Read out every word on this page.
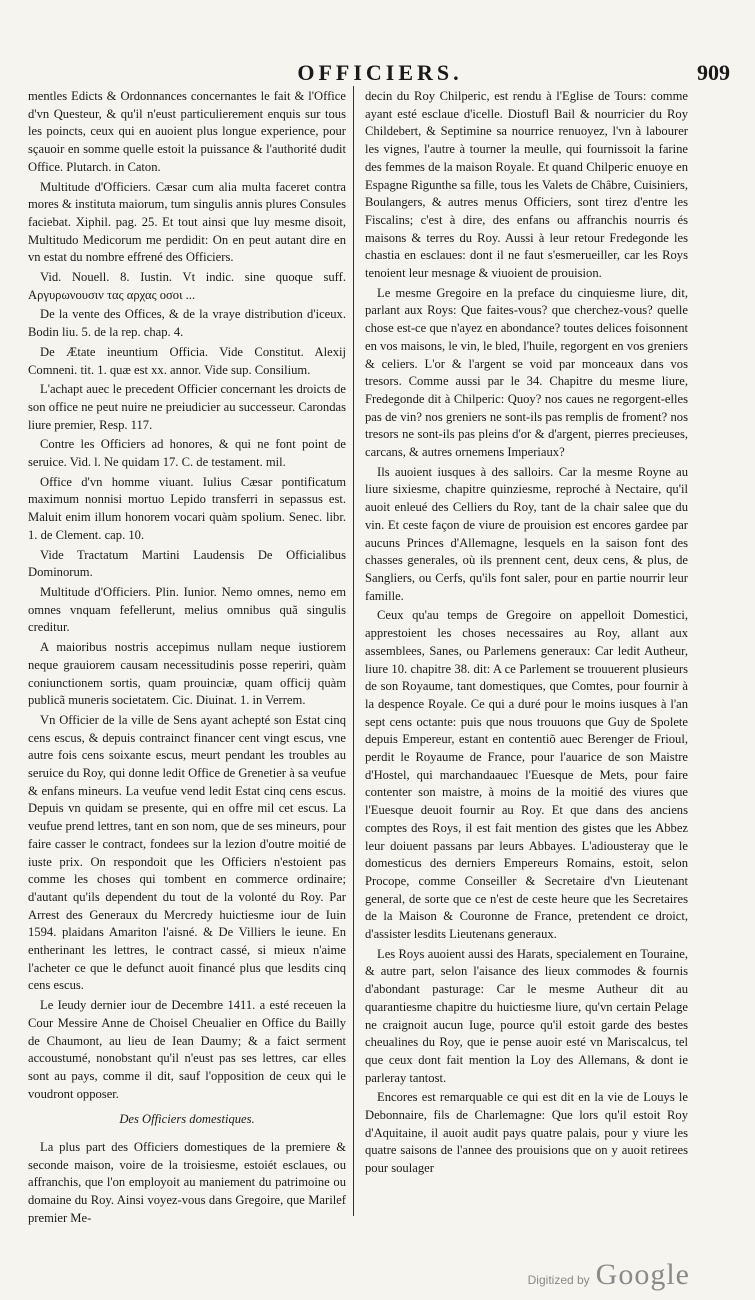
OFFICIERS.	909

mentles Edicts & Ordonnances concernantes le fait & l'Office d'vn Questeur, & qu'il n'eust particulierement enquis sur tous les poincts, ceux qui en auoient plus longue experience, pour sçauoir en somme quelle estoit la puissance & l'authorité dudit Office. Plutarch. in Caton.

Multitude d'Officiers. Cæsar cum alia multa faceret contra mores & instituta maiorum, tum singulis annis plures Consules faciebat. Xiphil. pag. 25. Et tout ainsi que luy mesme disoit, Multitudo Medicorum me perdidit: On en peut autant dire en vn estat du nombre effrené des Officiers.

Vid. Nouell. 8. Iustin. Vt indic. sine quoque suff. Αργυρωνουσιν τας αρχας οσοι ...

De la vente des Offices, & de la vraye distribution d'iceux. Bodin liu. 5. de la rep. chap. 4.

De Ætate ineuntium Officia. Vide Constitut. Alexij Comneni. tit. 1. quæ est xx. annor. Vide sup. Consilium.

L'achapt auec le precedent Officier concernant les droicts de son office ne peut nuire ne preiudicier au successeur. Carondas liure premier, Resp. 117.

Contre les Officiers ad honores, & qui ne font point de seruice. Vid. l. Ne quidam 17. C. de testament. mil.

Office d'vn homme viuant. Iulius Cæsar pontificatum maximum nonnisi mortuo Lepido transferri in sepassus est. Maluit enim illum honorem vocari quàm spolium. Senec. libr. 1. de Clement. cap. 10.

Vide Tractatum Martini Laudensis De Officialibus Dominorum.

Multitude d'Officiers. Plin. Iunior. Nemo omnes, nemo em omnes vnquam fefellerunt, melius omnibus quã singulis creditur.

A maioribus nostris accepimus nullam neque iustiorem neque grauiorem causam necessitudinis posse reperiri, quàm coniunctionem sortis, quam prouinciæ, quam officij quàm publicã muneris societatem. Cic. Diuinat. 1. in Verrem.

Vn Officier de la ville de Sens ayant achepté son Estat cinq cens escus, & depuis contrainct financer cent vingt escus, vne autre fois cens soixante escus, meurt pendant les troubles au seruice du Roy, qui donne ledit Office de Grenetier à sa veufue & enfans mineurs. La veufue vend ledit Estat cinq cens escus. Depuis vn quidam se presente, qui en offre mil cet escus. La veufue prend lettres, tant en son nom, que de ses mineurs, pour faire casser le contract, fondees sur la lezion d'outre moitié de iuste prix. On respondoit que les Officiers n'estoient pas comme les choses qui tombent en commerce ordinaire; d'autant qu'ils dependent du tout de la volonté du Roy. Par Arrest des Generaux du Mercredy huictiesme iour de Iuin 1594. plaidans Amariton l'aisné. & De Villiers le ieune. En entherinant les lettres, le contract cassé, si mieux n'aime l'acheter ce que le defunct auoit financé plus que lesdits cinq cens escus.

Le Ieudy dernier iour de Decembre 1411. a esté receuen la Cour Messire Anne de Choisel Cheualier en Office du Bailly de Chaumont, au lieu de Iean Daumy; & a faict serment accoustumé, nonobstant qu'il n'eust pas ses lettres, car elles sont au pays, comme il dit, sauf l'opposition de ceux qui le voudront opposer.

Des Officiers domestiques.

La plus part des Officiers domestiques de la premiere & seconde maison, voire de la troisiesme, estoiét esclaues, ou affranchis, que l'on employoit au maniement du patrimoine ou domaine du Roy. Ainsi voyez-vous dans Gregoire, que Marilef premier Me-

decin du Roy Chilperic, est rendu à l'Eglise de Tours: comme ayant esté esclaue d'icelle. Diostufl Bail & nourricier du Roy Childebert, & Septimine sa nourrice renuoyez, l'vn à labourer les vignes, l'autre à tourner la meulle, qui fournissoit la farine des femmes de la maison Royale. Et quand Chilperic enuoye en Espagne Rigunthe sa fille, tous les Valets de Châbre, Cuisiniers, Boulangers, & autres menus Officiers, sont tirez d'entre les Fiscalins; c'est à dire, des enfans ou affranchis nourris és maisons & terres du Roy. Aussi à leur retour Fredegonde les chastia en esclaues: dont il ne faut s'esmerueiller, car les Roys tenoient leur mesnage & viuoient de prouision.

Le mesme Gregoire en la preface du cinquiesme liure, dit, parlant aux Roys: Que faites-vous? que cherchez-vous? quelle chose est-ce que n'ayez en abondance? toutes delices foisonnent en vos maisons, le vin, le bled, l'huile, regorgent en vos greniers & celiers. L'or & l'argent se void par monceaux dans vos tresors. Comme aussi par le 34. Chapitre du mesme liure, Fredegonde dit à Chilperic: Quoy? nos caues ne regorgent-elles pas de vin? nos greniers ne sont-ils pas remplis de froment? nos tresors ne sont-ils pas pleins d'or & d'argent, pierres precieuses, carcans, & autres ornemens Imperiaux?

Ils auoient iusques à des salloirs. Car la mesme Royne au liure sixiesme, chapitre quinziesme, reproché à Nectaire, qu'il auoit enleué des Celliers du Roy, tant de la chair salee que du vin. Et ceste façon de viure de prouision est encores gardee par aucuns Princes d'Allemagne, lesquels en la saison font des chasses generales, où ils prennent cent, deux cens, & plus, de Sangliers, ou Cerfs, qu'ils font saler, pour en partie nourrir leur famille.

Ceux qu'au temps de Gregoire on appelloit Domestici, apprestoient les choses necessaires au Roy, allant aux assemblees, Sanes, ou Parlemens generaux: Car ledit Autheur, liure 10. chapitre 38. dit: A ce Parlement se trouuerent plusieurs de son Royaume, tant domestiques, que Comtes, pour fournir à la despence Royale. Ce qui a duré pour le moins iusques à l'an sept cens octante: puis que nous trouuons que Guy de Spolete depuis Empereur, estant en contentiõ auec Berenger de Frioul, perdit le Royaume de France, pour l'auarice de son Maistre d'Hostel, qui marchandaauec l'Euesque de Mets, pour faire contenter son maistre, à moins de la moitié des viures que l'Euesque deuoit fournir au Roy. Et que dans des anciens comptes des Roys, il est fait mention des gistes que les Abbez leur doiuent passans par leurs Abbayes. L'adiousteray que le domesticus des derniers Empereurs Romains, estoit, selon Procope, comme Conseiller & Secretaire d'vn Lieutenant general, de sorte que ce n'est de ceste heure que les Secretaires de la Maison & Couronne de France, pretendent ce droict, d'assister lesdits Lieutenans generaux.

Les Roys auoient aussi des Harats, specialement en Touraine, & autre part, selon l'aisance des lieux commodes & fournis d'abondant pasturage: Car le mesme Autheur dit au quarantiesme chapitre du huictiesme liure, qu'vn certain Pelage ne craignoit aucun Iuge, pource qu'il estoit garde des bestes cheualines du Roy, que ie pense auoir esté vn Mariscalcus, tel que ceux dont fait mention la Loy des Allemans, & dont ie parleray tantost.

Encores est remarquable ce qui est dit en la vie de Louys le Debonnaire, fils de Charlemagne: Que lors qu'il estoit Roy d'Aquitaine, il auoit audit pays quatre palais, pour y viure les quatre saisons de l'annee des prouisions que on y auoit retirees pour soulager

Digitized by Google
